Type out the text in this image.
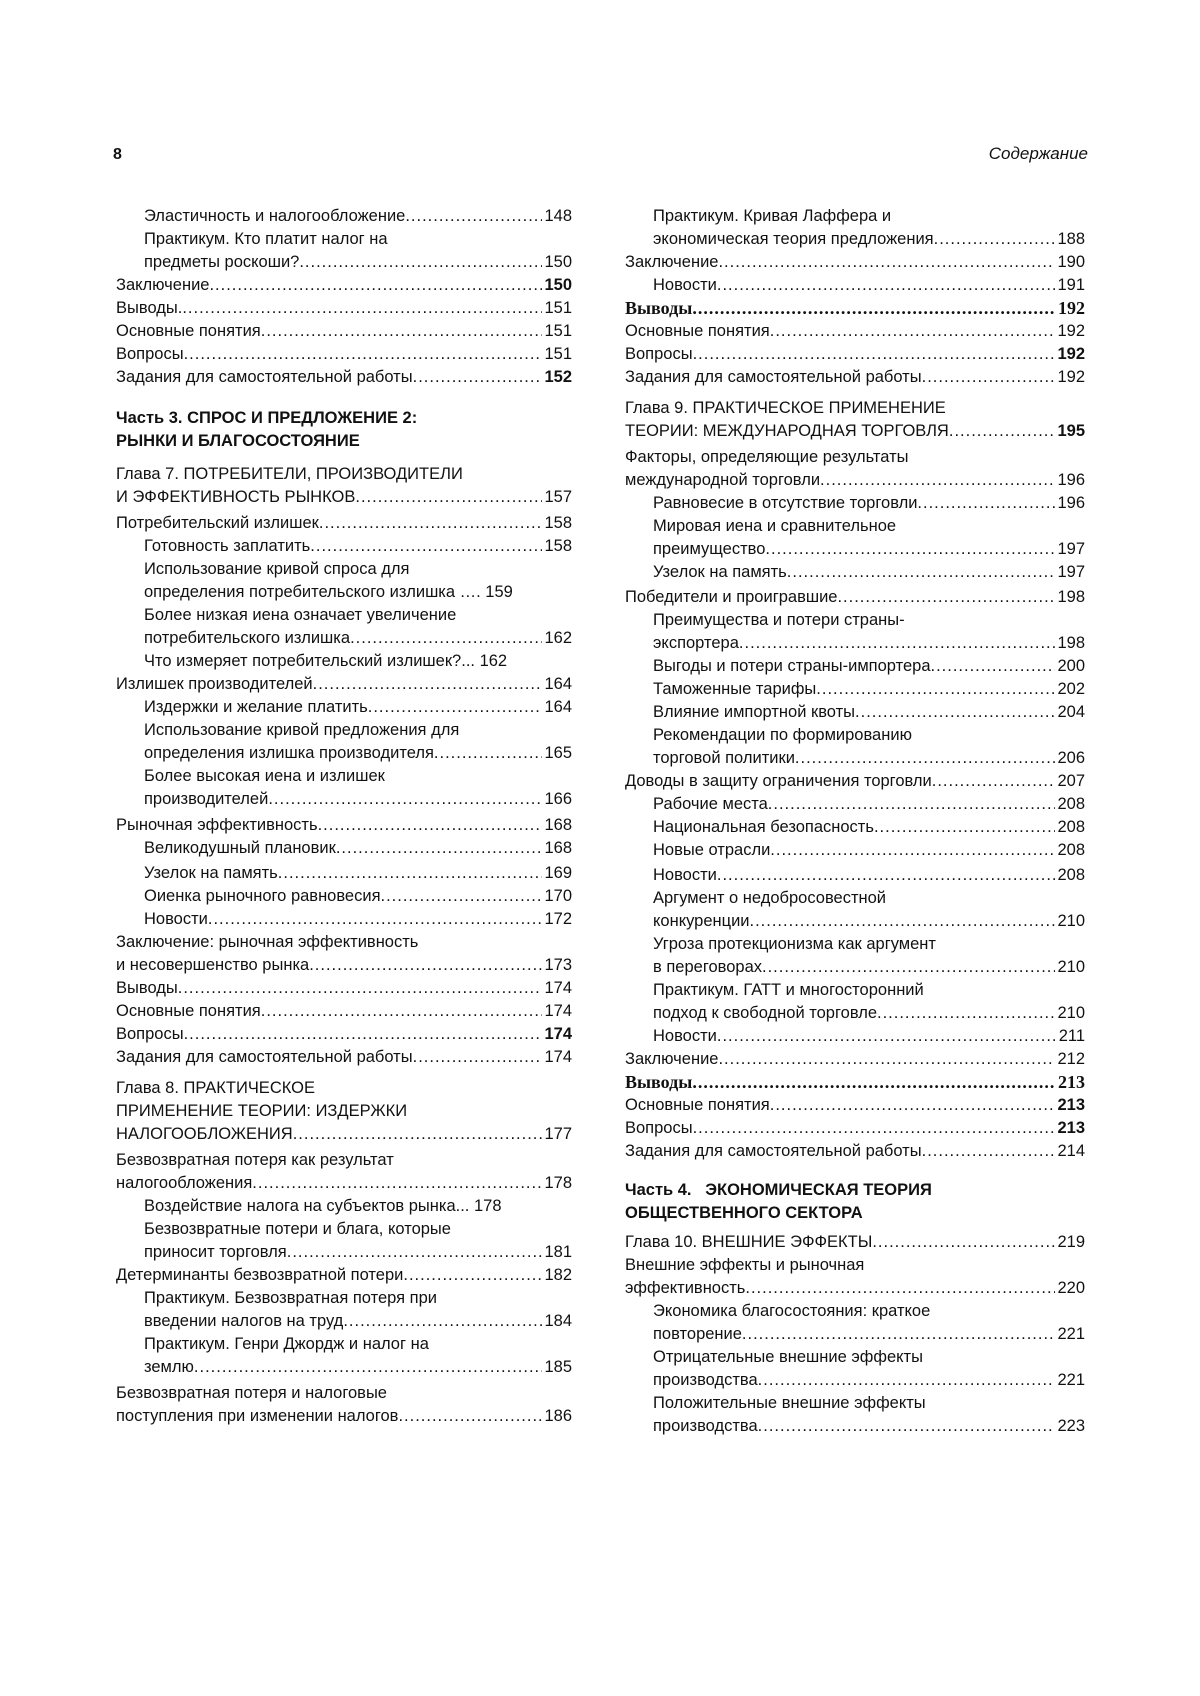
8	Содержание
Эластичность и налогообложение .....	148
Практикум. Кто платит налог на
предметы роскоши? .....	150
Заключение .....	150
Выводы. .....	151
Основные понятия .....	151
Вопросы .....	151
Задания для самостоятельной работы .....	152
Часть 3. СПРОС И ПРЕДЛОЖЕНИЕ 2:
РЫНКИ И БЛАГОСОСТОЯНИЕ
Глава 7. ПОТРЕБИТЕЛИ, ПРОИЗВОДИТЕЛИ
И ЭФФЕКТИВНОСТЬ РЫНКОВ .....	157
Потребительский излишек .....	158
Готовность заплатить .....	158
Использование кривой спроса для
определения потребительского излишка …. 159
Более низкая иена означает увеличение
потребительского излишка .....	162
Что измеряет потребительский излишек?... 162
Излишек производителей .....	164
Издержки и желание платить .....	164
Использование кривой предложения для
определения излишка производителя .....	165
Более высокая иена и излишек
производителей .....	166
Рыночная эффективность .....	168
Великодушный плановик .....	168
Узелок на память .....	169
Оиенка рыночного равновесия .....	170
Новости .....	172
Заключение: рыночная эффективность
и несовершенство рынка .....	173
Выводы .....	174
Основные понятия .....	174
Вопросы .....	174
Задания для самостоятельной работы .....	174
Глава 8. ПРАКТИЧЕСКОЕ
ПРИМЕНЕНИЕ ТЕОРИИ: ИЗДЕРЖКИ
НАЛОГООБЛОЖЕНИЯ .....	177
Безвозвратная потеря как результат
налогообложения .....	178
Воздействие налога на субъектов рынка... 178
Безвозвратные потери и блага, которые
приносит торговля .....	181
Детерминанты безвозвратной потери .....	182
Практикум. Безвозвратная потеря при
введении налогов на труд .....	184
Практикум. Генри Джордж и налог на
землю .....	185
Безвозвратная потеря и налоговые
поступления при изменении налогов .....	186
Практикум. Кривая Лаффера и
экономическая теория предложения .....	188
Заключение .....	190
Новости .....	191
Выводы .....	192
Основные понятия .....	192
Вопросы .....	192
Задания для самостоятельной работы .....	192
Глава 9. ПРАКТИЧЕСКОЕ ПРИМЕНЕНИЕ
ТЕОРИИ: МЕЖДУНАРОДНАЯ ТОРГОВЛЯ .....	195
Факторы, определяющие результаты
международной торговли .....	196
Равновесие в отсутствие торговли .....	196
Мировая иена и сравнительное
преимущество .....	197
Узелок на память .....	197
Победители и проигравшие .....	198
Преимущества и потери страны-
экспортера .....	198
Выгоды и потери страны-импортера .....	200
Таможенные тарифы .....	202
Влияние импортной квоты .....	204
Рекомендации по формированию
торговой политики .....	206
Доводы в защиту ограничения торговли .....	207
Рабочие места .....	208
Национальная безопасность .....	208
Новые отрасли .....	208
Новости .....	208
Аргумент о недобросовестной
конкуренции .....	210
Угроза протекционизма как аргумент
в переговорах .....	210
Практикум. ГАТТ и многосторонний
подход к свободной торговле .....	210
Новости .....	211
Заключение .....	212
Выводы .....	213
Основные понятия .....	213
Вопросы .....	213
Задания для самостоятельной работы .....	214
Часть 4.   ЭКОНОМИЧЕСКАЯ ТЕОРИЯ
ОБЩЕСТВЕННОГО СЕКТОРА
Глава 10. ВНЕШНИЕ ЭФФЕКТЫ .....	219
Внешние эффекты и рыночная
эффективность .....	220
Экономика благосостояния: краткое
повторение .....	221
Отрицательные внешние эффекты
производства .....	221
Положительные внешние эффекты
производства .....	223
